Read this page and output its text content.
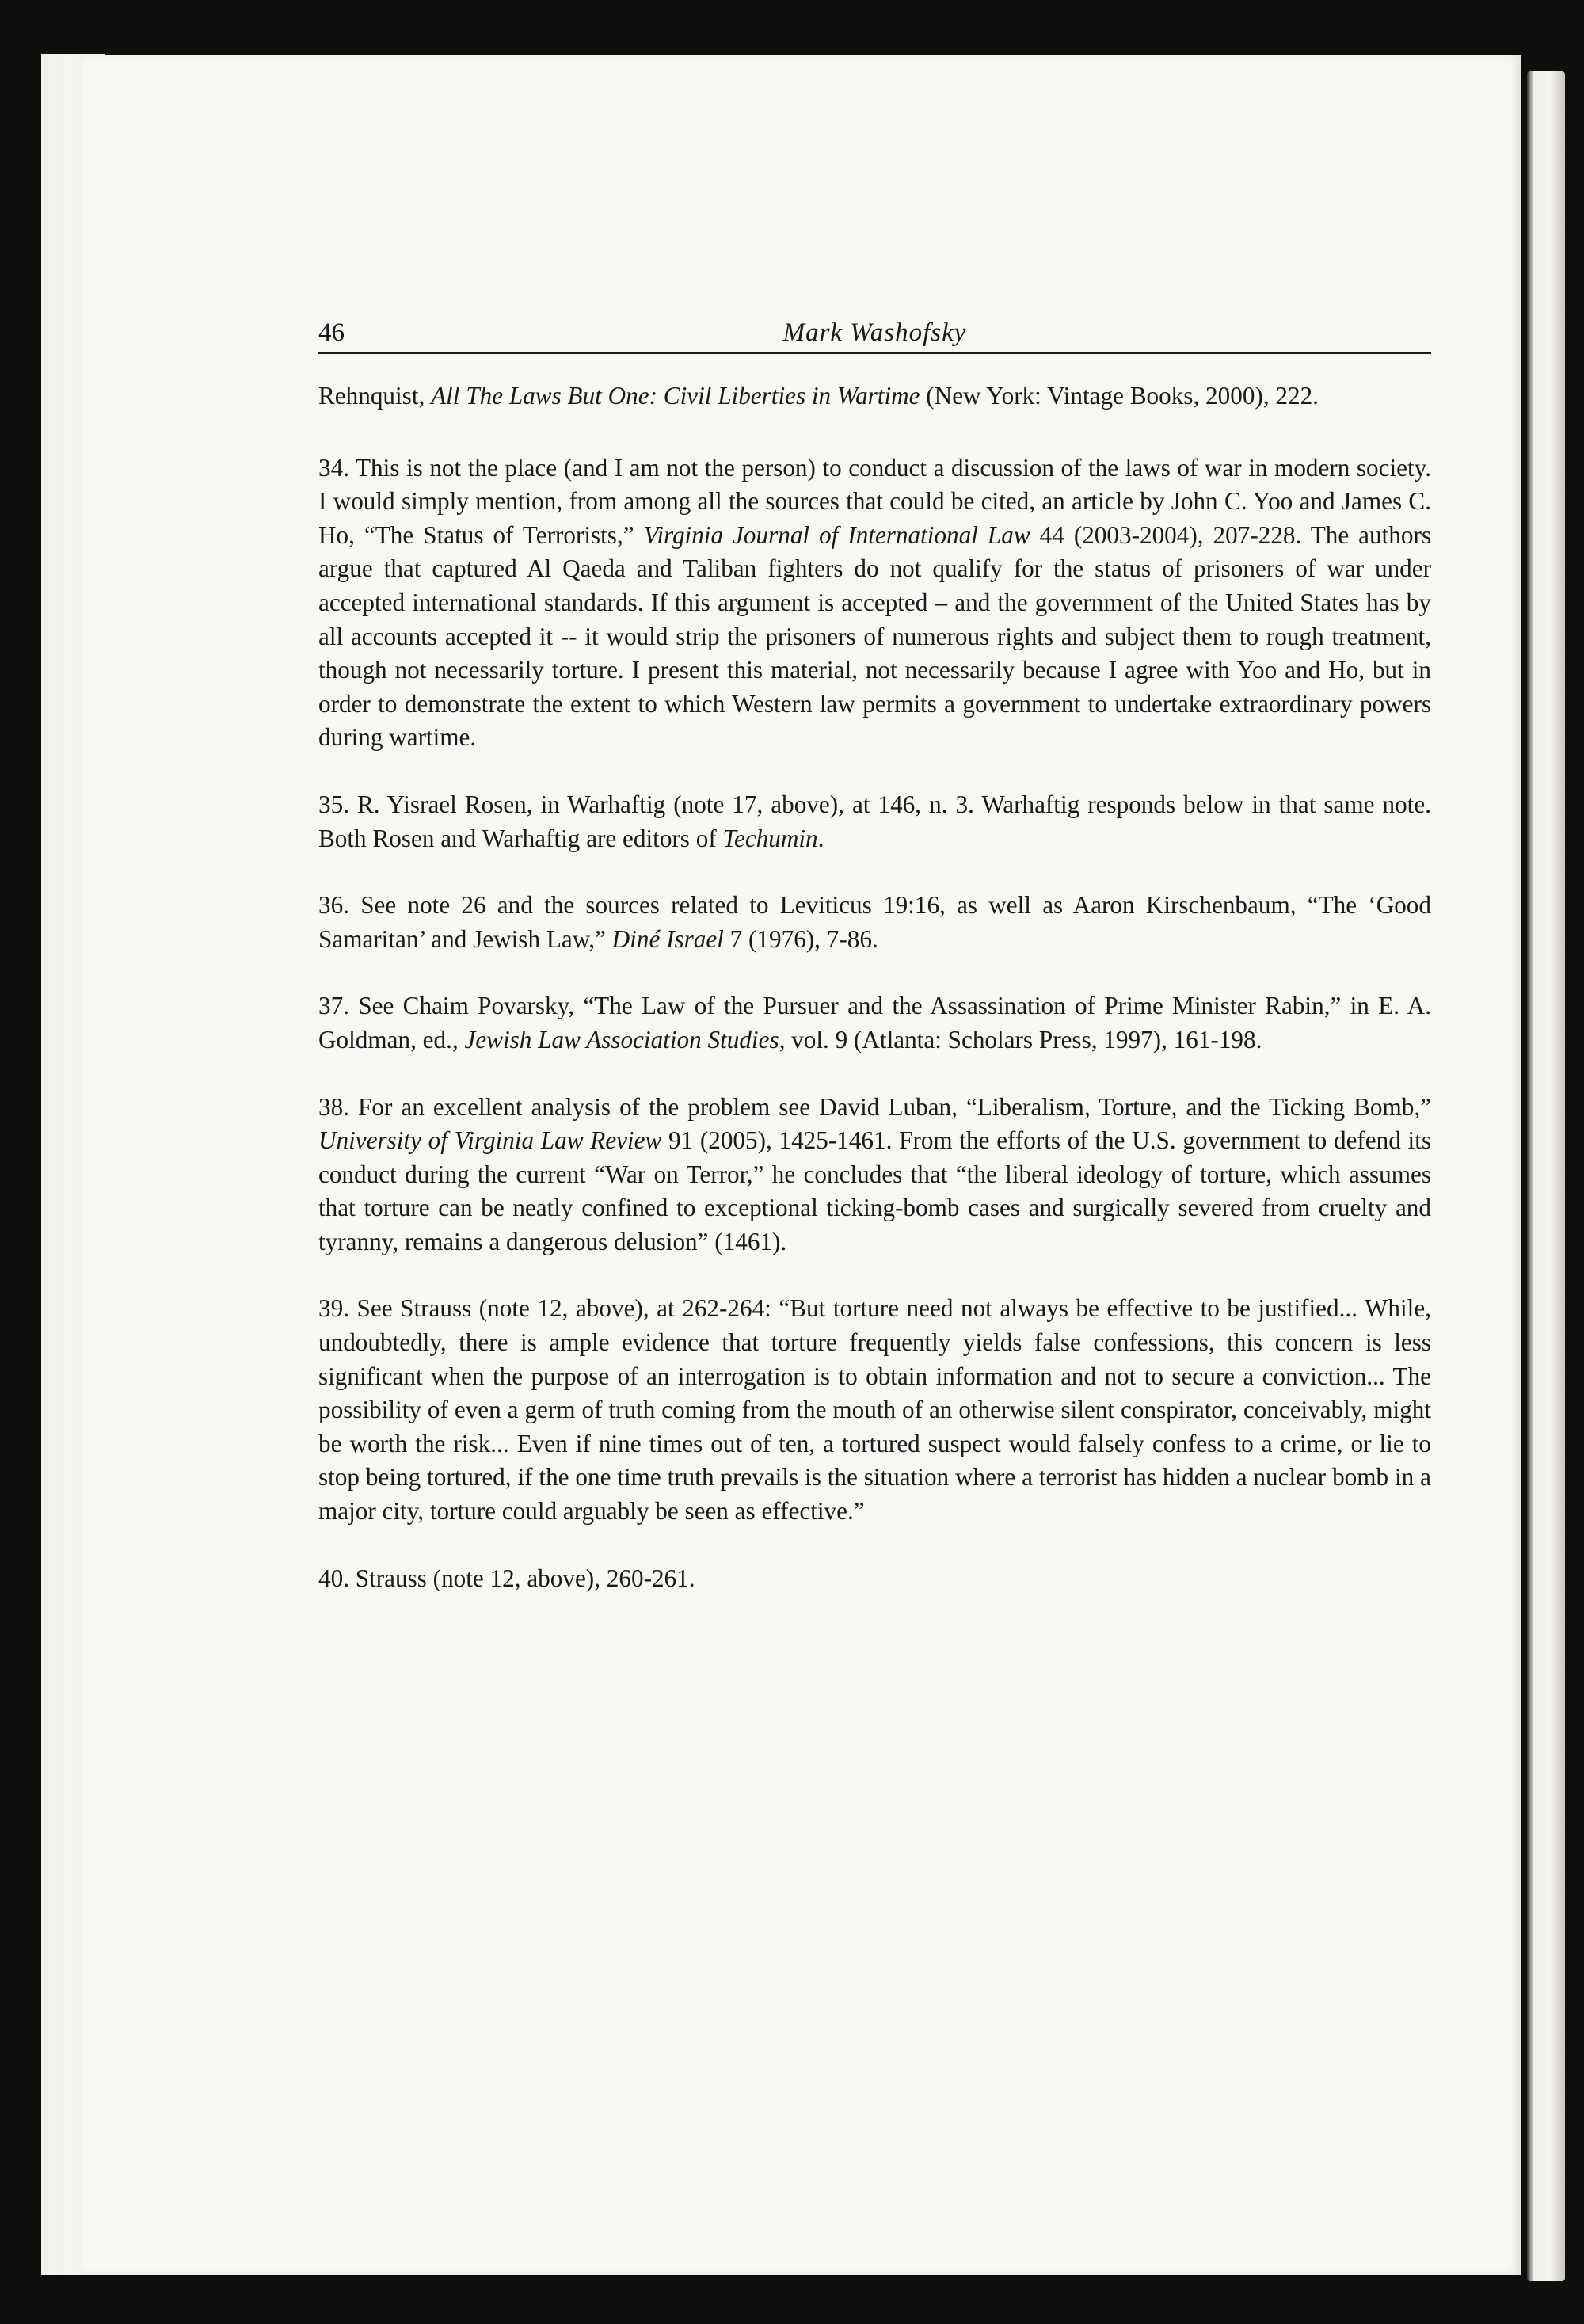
46	Mark Washofsky

Rehnquist, All The Laws But One: Civil Liberties in Wartime (New York: Vintage Books, 2000), 222.

34. This is not the place (and I am not the person) to conduct a discussion of the laws of war in modern society. I would simply mention, from among all the sources that could be cited, an article by John C. Yoo and James C. Ho, “The Status of Terrorists,” Virginia Journal of International Law 44 (2003-2004), 207-228. The authors argue that captured Al Qaeda and Taliban fighters do not qualify for the status of prisoners of war under accepted international standards. If this argument is accepted – and the government of the United States has by all accounts accepted it -- it would strip the prisoners of numerous rights and subject them to rough treatment, though not necessarily torture. I present this material, not necessarily because I agree with Yoo and Ho, but in order to demonstrate the extent to which Western law permits a government to undertake extraordinary powers during wartime.

35. R. Yisrael Rosen, in Warhaftig (note 17, above), at 146, n. 3. Warhaftig responds below in that same note. Both Rosen and Warhaftig are editors of Techumin.

36. See note 26 and the sources related to Leviticus 19:16, as well as Aaron Kirschenbaum, “The ‘Good Samaritan’ and Jewish Law,” Diné Israel 7 (1976), 7-86.

37. See Chaim Povarsky, “The Law of the Pursuer and the Assassination of Prime Minister Rabin,” in E. A. Goldman, ed., Jewish Law Association Studies, vol. 9 (Atlanta: Scholars Press, 1997), 161-198.

38. For an excellent analysis of the problem see David Luban, “Liberalism, Torture, and the Ticking Bomb,” University of Virginia Law Review 91 (2005), 1425-1461. From the efforts of the U.S. government to defend its conduct during the current “War on Terror,” he concludes that “the liberal ideology of torture, which assumes that torture can be neatly confined to exceptional ticking-bomb cases and surgically severed from cruelty and tyranny, remains a dangerous delusion” (1461).

39. See Strauss (note 12, above), at 262-264: “But torture need not always be effective to be justified... While, undoubtedly, there is ample evidence that torture frequently yields false confessions, this concern is less significant when the purpose of an interrogation is to obtain information and not to secure a conviction... The possibility of even a germ of truth coming from the mouth of an otherwise silent conspirator, conceivably, might be worth the risk... Even if nine times out of ten, a tortured suspect would falsely confess to a crime, or lie to stop being tortured, if the one time truth prevails is the situation where a terrorist has hidden a nuclear bomb in a major city, torture could arguably be seen as effective.”

40. Strauss (note 12, above), 260-261.
